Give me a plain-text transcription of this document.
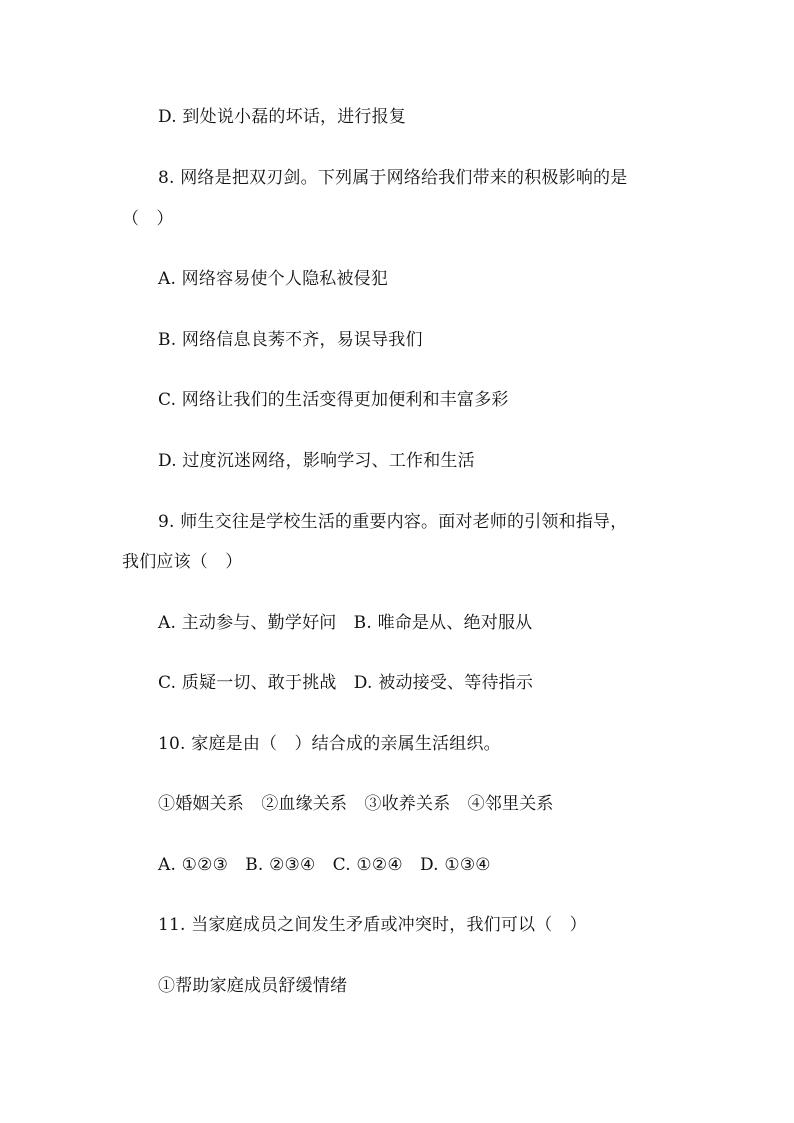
D. 到处说小磊的坏话，进行报复
8. 网络是把双刃剑。下列属于网络给我们带来的积极影响的是
（　）
A. 网络容易使个人隐私被侵犯
B. 网络信息良莠不齐，易误导我们
C. 网络让我们的生活变得更加便利和丰富多彩
D. 过度沉迷网络，影响学习、工作和生活
9. 师生交往是学校生活的重要内容。面对老师的引领和指导，
我们应该（　）
A. 主动参与、勤学好问　B. 唯命是从、绝对服从
C. 质疑一切、敢于挑战　D. 被动接受、等待指示
10. 家庭是由（　）结合成的亲属生活组织。
①婚姻关系　②血缘关系　③收养关系　④邻里关系
A. ①②③　B. ②③④　C. ①②④　D. ①③④
11. 当家庭成员之间发生矛盾或冲突时，我们可以（　）
①帮助家庭成员舒缓情绪
